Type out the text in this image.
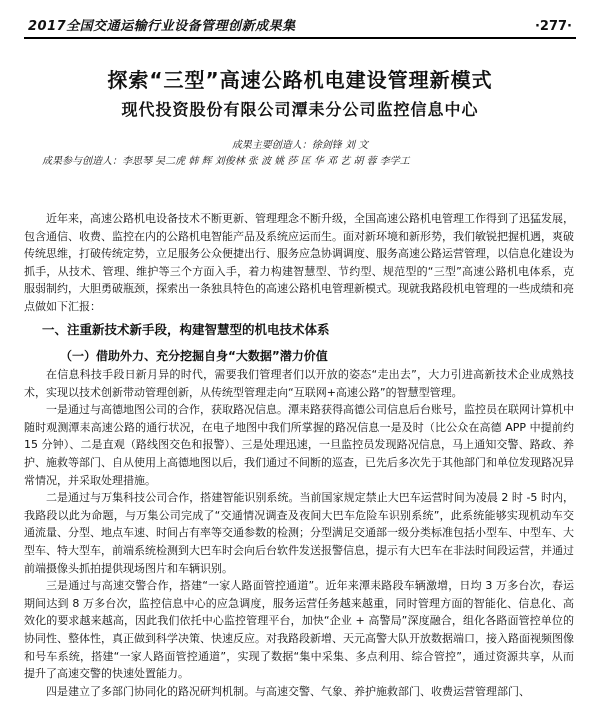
2017全国交通运输行业设备管理创新成果集	·277·
探索“三型”高速公路机电建设管理新模式
现代投资股份有限公司潭耒分公司监控信息中心
成果主要创造人：徐剑锋 刘 文
成果参与创造人：李思琴 吴二虎 韩 辉 刘俊林 张 波 姚 莎 匡 华 邓 艺 胡 蓉 李学工

近年来，高速公路机电设备技术不断更新、管理理念不断升级，全国高速公路机电管理工作得到了迅猛发展，包含通信、收费、监控在内的公路机电智能产品及系统应运而生。面对新环境和新形势，我们敏锐把握机遇，爽破传统思维，打破传统定势，立足服务公众便捷出行、服务应急协调调度、服务高速公路运营管理，以信息化建设为抓手，从技术、管理、维护等三个方面入手，着力构建智慧型、节约型、规范型的“三型”高速公路机电体系，克服弱制约，大胆勇破瓶颈，探索出一条独具特色的高速公路机电管理新模式。现就我路段机电管理的一些成绩和亮点做如下汇报：

一、注重新技术新手段，构建智慧型的机电技术体系
（一）借助外力、充分挖掘自身“大数据”潜力价值

在信息科技手段日新月异的时代，需要我们管理者们以开放的姿态“走出去”，大力引进高新技术企业成熟技术，实现以技术创新带动管理创新，从传统型管理走向“互联网+高速公路”的智慧型管理。

一是通过与高德地图公司的合作，获取路况信息。潭耒路获得高德公司信息后台账号，监控员在联网计算机中随时观测潭耒高速公路的通行状况，在电子地图中我们所掌握的路况信息一是及时（比公众在高德 APP 中提前约 15 分钟）、二是直观（路线图交色和报警）、三是处理迅速，一旦监控员发现路况信息，马上通知交警、路政、养护、施救等部门、自从使用上高德地图以后，我们通过不间断的巡查，已先后多次先于其他部门和单位发现路况异常情况，并采取处理措施。

二是通过与万集科技公司合作，搭建智能识别系统。当前国家规定禁止大巴车运营时间为凌晨 2 时 -5 时内，我路段以此为命题，与万集公司完成了“交通情况调查及夜间大巴车危险车识别系统”，此系统能够实现机动车交通流量、分型、地点车速、时间占有率等交通参数的检测；分型满足交通部一级分类标准包括小型车、中型车、大型车、特大型车，前端系统检测到大巴车时会向后台软件发送报警信息，提示有大巴车在非法时间段运营，并通过前端摄像头抓拍提供现场图片和车辆识别。

三是通过与高速交警合作，搭建“一家人路面管控通道”。近年来潭耒路段车辆激增，日均 3 万多台次，春运期间达到 8 万多台次，监控信息中心的应急调度，服务运营任务越来越重，同时管理方面的智能化、信息化、高效化的要求越来越高，因此我们依托中心监控管理平台，加快“企业 + 高警局”深度融合，组化各路面管控单位的协同性、整体性，真正做到科学决策、快速反应。对我路段新增、天元高警大队开放数据端口，接入路面视频图像和号车系统，搭建“一家人路面管控通道”，实现了数据“集中采集、多点利用、综合管控”，通过资源共享，从而提升了高速交警的快速处置能力。

四是建立了多部门协同化的路况研判机制。与高速交警、气象、养护施救部门、收费运营管理部门、
